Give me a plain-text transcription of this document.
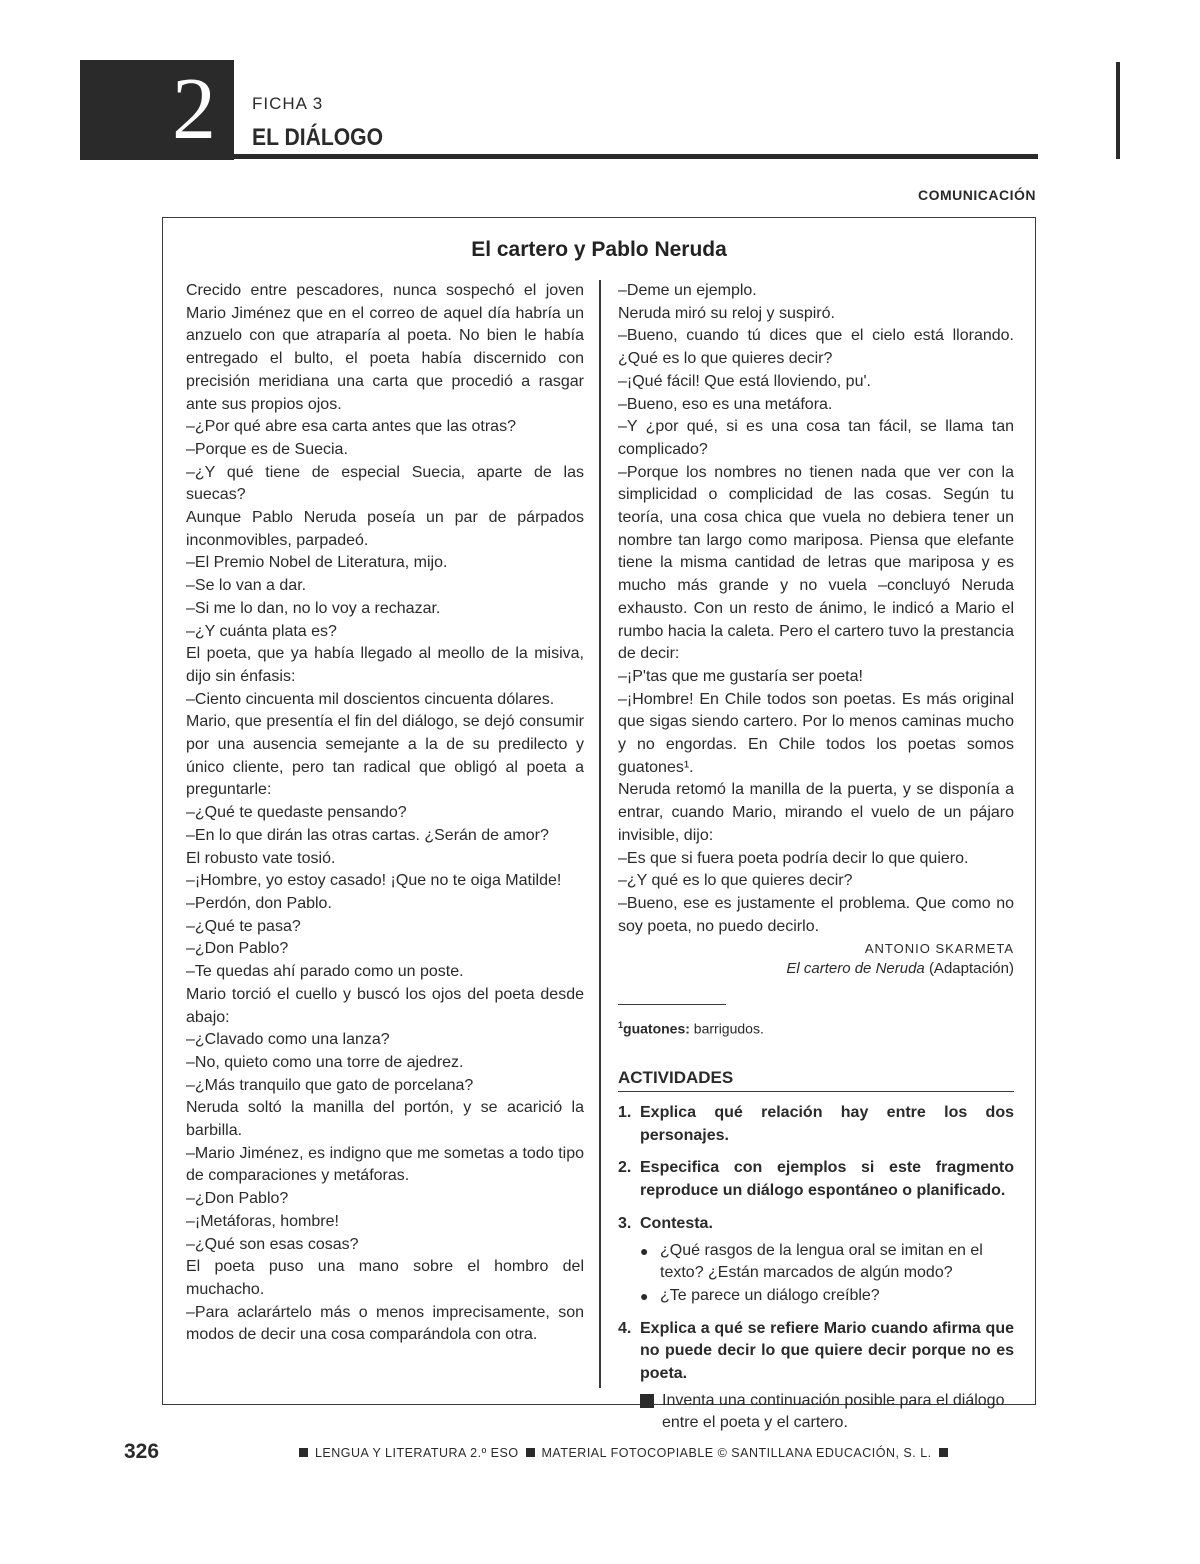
2 FICHA 3
EL DIÁLOGO
COMUNICACIÓN
El cartero y Pablo Neruda

Crecido entre pescadores, nunca sospechó el joven Mario Jiménez que en el correo de aquel día habría un anzuelo con que atraparía al poeta. No bien le había entregado el bulto, el poeta había discernido con precisión meridiana una carta que procedió a rasgar ante sus propios ojos.

–¿Por qué abre esa carta antes que las otras?

–Porque es de Suecia.

–¿Y qué tiene de especial Suecia, aparte de las suecas?

Aunque Pablo Neruda poseía un par de párpados inconmovibles, parpadeó.

–El Premio Nobel de Literatura, mijo.

–Se lo van a dar.

–Si me lo dan, no lo voy a rechazar.

–¿Y cuánta plata es?

El poeta, que ya había llegado al meollo de la misiva, dijo sin énfasis:

–Ciento cincuenta mil doscientos cincuenta dólares.

Mario, que presentía el fin del diálogo, se dejó consumir por una ausencia semejante a la de su predilecto y único cliente, pero tan radical que obligó al poeta a preguntarle:

–¿Qué te quedaste pensando?

–En lo que dirán las otras cartas. ¿Serán de amor?

El robusto vate tosió.

–¡Hombre, yo estoy casado! ¡Que no te oiga Matilde!

–Perdón, don Pablo.

–¿Qué te pasa?

–¿Don Pablo?

–Te quedas ahí parado como un poste.

Mario torció el cuello y buscó los ojos del poeta desde abajo:

–¿Clavado como una lanza?

–No, quieto como una torre de ajedrez.

–¿Más tranquilo que gato de porcelana?

Neruda soltó la manilla del portón, y se acarició la barbilla.

–Mario Jiménez, es indigno que me sometas a todo tipo de comparaciones y metáforas.

–¿Don Pablo?

–¡Metáforas, hombre!

–¿Qué son esas cosas?

El poeta puso una mano sobre el hombro del muchacho.

–Para aclarártelo más o menos imprecisamente, son modos de decir una cosa comparándola con otra.

–Deme un ejemplo.

Neruda miró su reloj y suspiró.

–Bueno, cuando tú dices que el cielo está llorando. ¿Qué es lo que quieres decir?

–¡Qué fácil! Que está lloviendo, pu'.

–Bueno, eso es una metáfora.

–Y ¿por qué, si es una cosa tan fácil, se llama tan complicado?

–Porque los nombres no tienen nada que ver con la simplicidad o complicidad de las cosas. Según tu teoría, una cosa chica que vuela no debiera tener un nombre tan largo como mariposa. Piensa que elefante tiene la misma cantidad de letras que mariposa y es mucho más grande y no vuela –concluyó Neruda exhausto. Con un resto de ánimo, le indicó a Mario el rumbo hacia la caleta. Pero el cartero tuvo la prestancia de decir:

–¡P'tas que me gustaría ser poeta!

–¡Hombre! En Chile todos son poetas. Es más original que sigas siendo cartero. Por lo menos caminas mucho y no engordas. En Chile todos los poetas somos guatones¹.

Neruda retomó la manilla de la puerta, y se disponía a entrar, cuando Mario, mirando el vuelo de un pájaro invisible, dijo:

–Es que si fuera poeta podría decir lo que quiero.

–¿Y qué es lo que quieres decir?

–Bueno, ese es justamente el problema. Que como no soy poeta, no puedo decirlo.

ANTONIO SKARMETA
El cartero de Neruda (Adaptación)
$^1$guatones: barrigudos.
ACTIVIDADES
1. Explica qué relación hay entre los dos personajes.
2. Especifica con ejemplos si este fragmento reproduce un diálogo espontáneo o planificado.
3. Contesta.
● ¿Qué rasgos de la lengua oral se imitan en el texto? ¿Están marcados de algún modo?
● ¿Te parece un diálogo creíble?
4. Explica a qué se refiere Mario cuando afirma que no puede decir lo que quiere decir porque no es poeta.
Inventa una continuación posible para el diálogo entre el poeta y el cartero.
326	LENGUA Y LITERATURA 2.º ESO MATERIAL FOTOCOPIABLE © SANTILLANA EDUCACIÓN, S. L.
